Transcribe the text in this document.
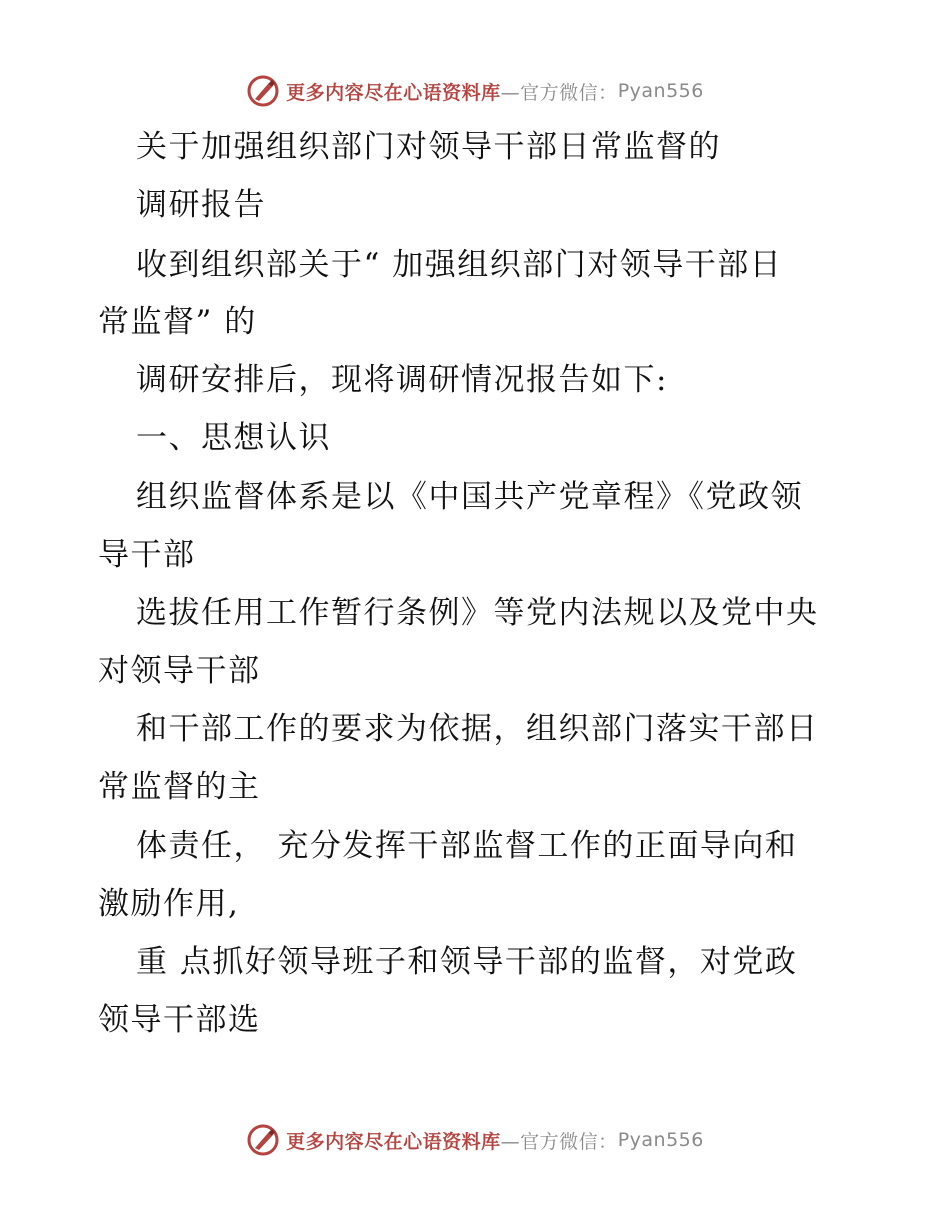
更多内容尽在心语资料库 —官方微信： Pyan556
关于加强组织部门对领导干部日常监督的
调研报告
收到组织部关于“ 加强组织部门对领导干部日
常监督” 的
调研安排后，现将调研情况报告如下:
一、思想认识
组织监督体系是以《中国共产党章程》《党政领
导干部
选拔任用工作暂行条例》等党内法规以及党中央
对领导干部
和干部工作的要求为依据，组织部门落实干部日
常监督的主
体责任， 充分发挥干部监督工作的正面导向和
激励作用,
重 点抓好领导班子和领导干部的监督，对党政
领导干部选
更多内容尽在心语资料库 —官方微信： Pyan556
